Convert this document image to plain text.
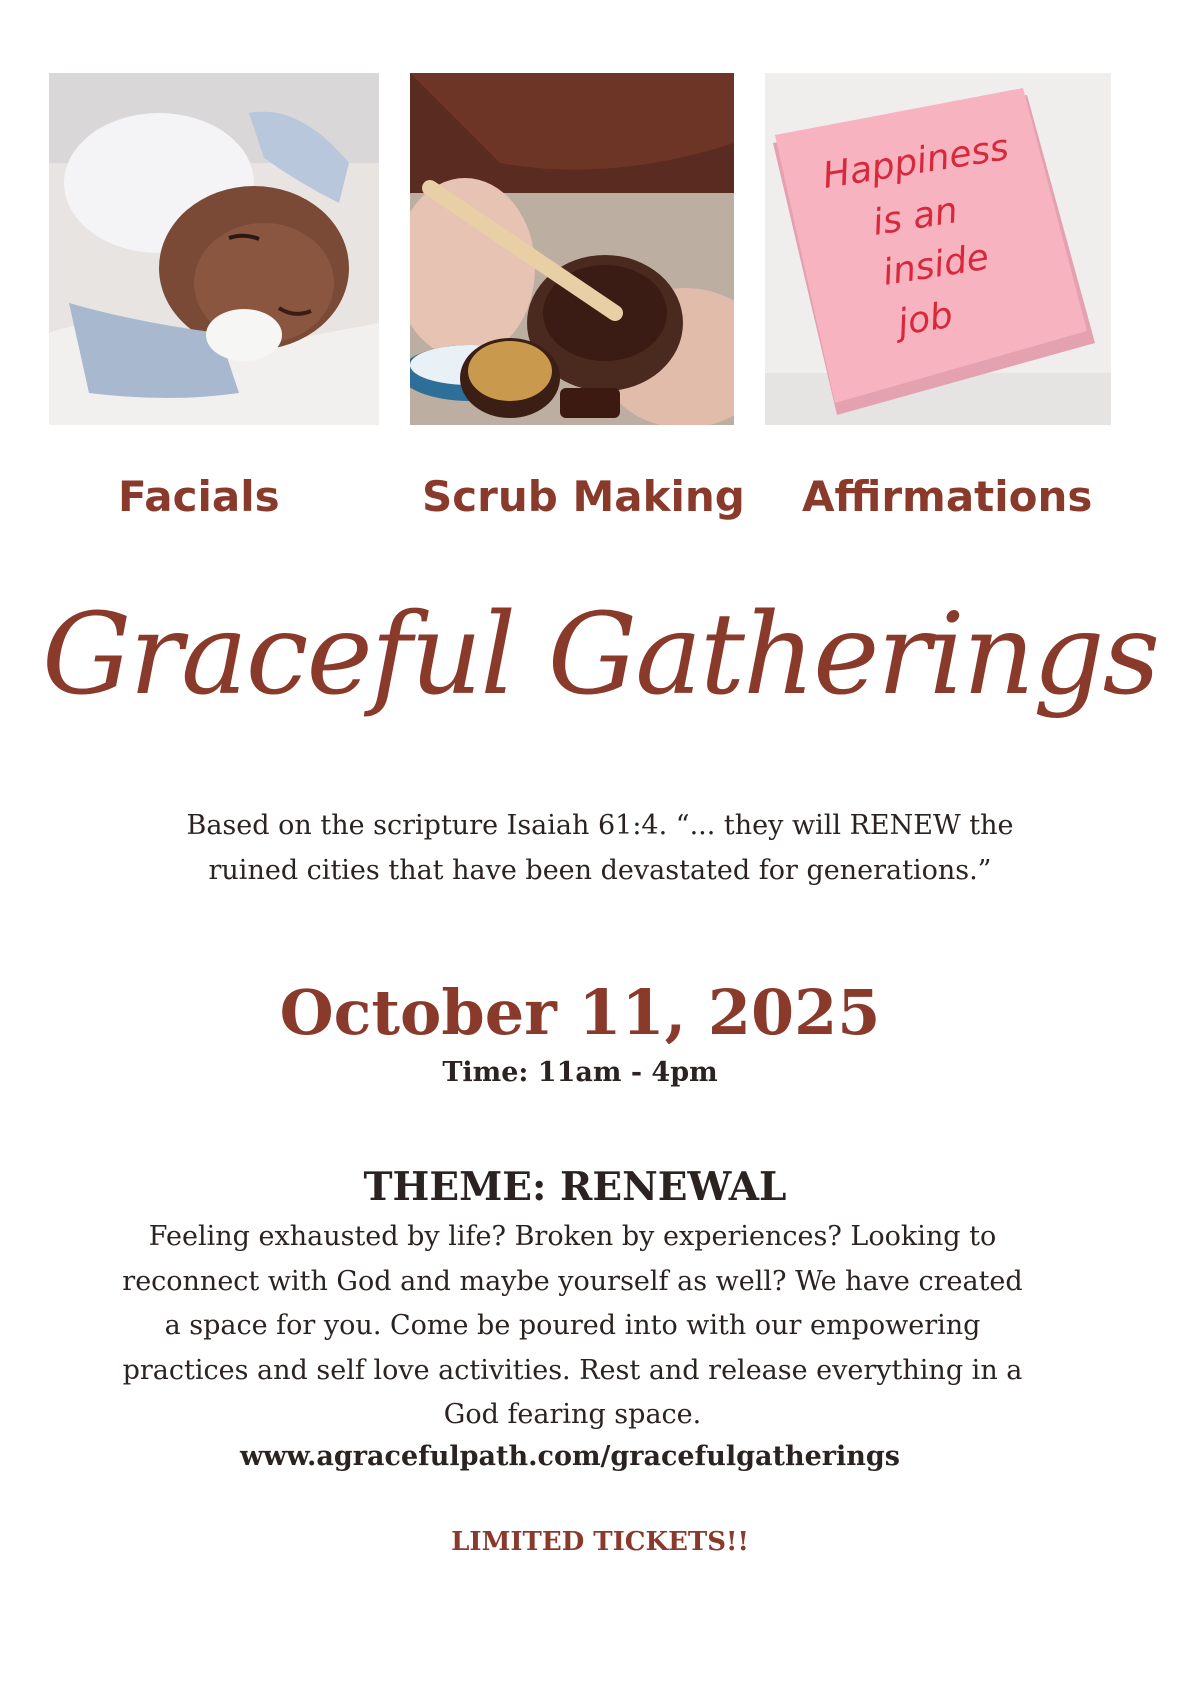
Happiness
is an
inside
job
Facials	Scrub Making Affirmations
Graceful Gatherings
Based on the scripture Isaiah 61:4. “... they will RENEW the ruined cities that have been devastated for generations.”
October 11, 2025
Time: 11am - 4pm
THEME: RENEWAL
Feeling exhausted by life? Broken by experiences? Looking to reconnect with God and maybe yourself as well? We have created a space for you. Come be poured into with our empowering practices and self love activities. Rest and release everything in a God fearing space.
www.agracefulpath.com/gracefulgatherings
LIMITED TICKETS!!
